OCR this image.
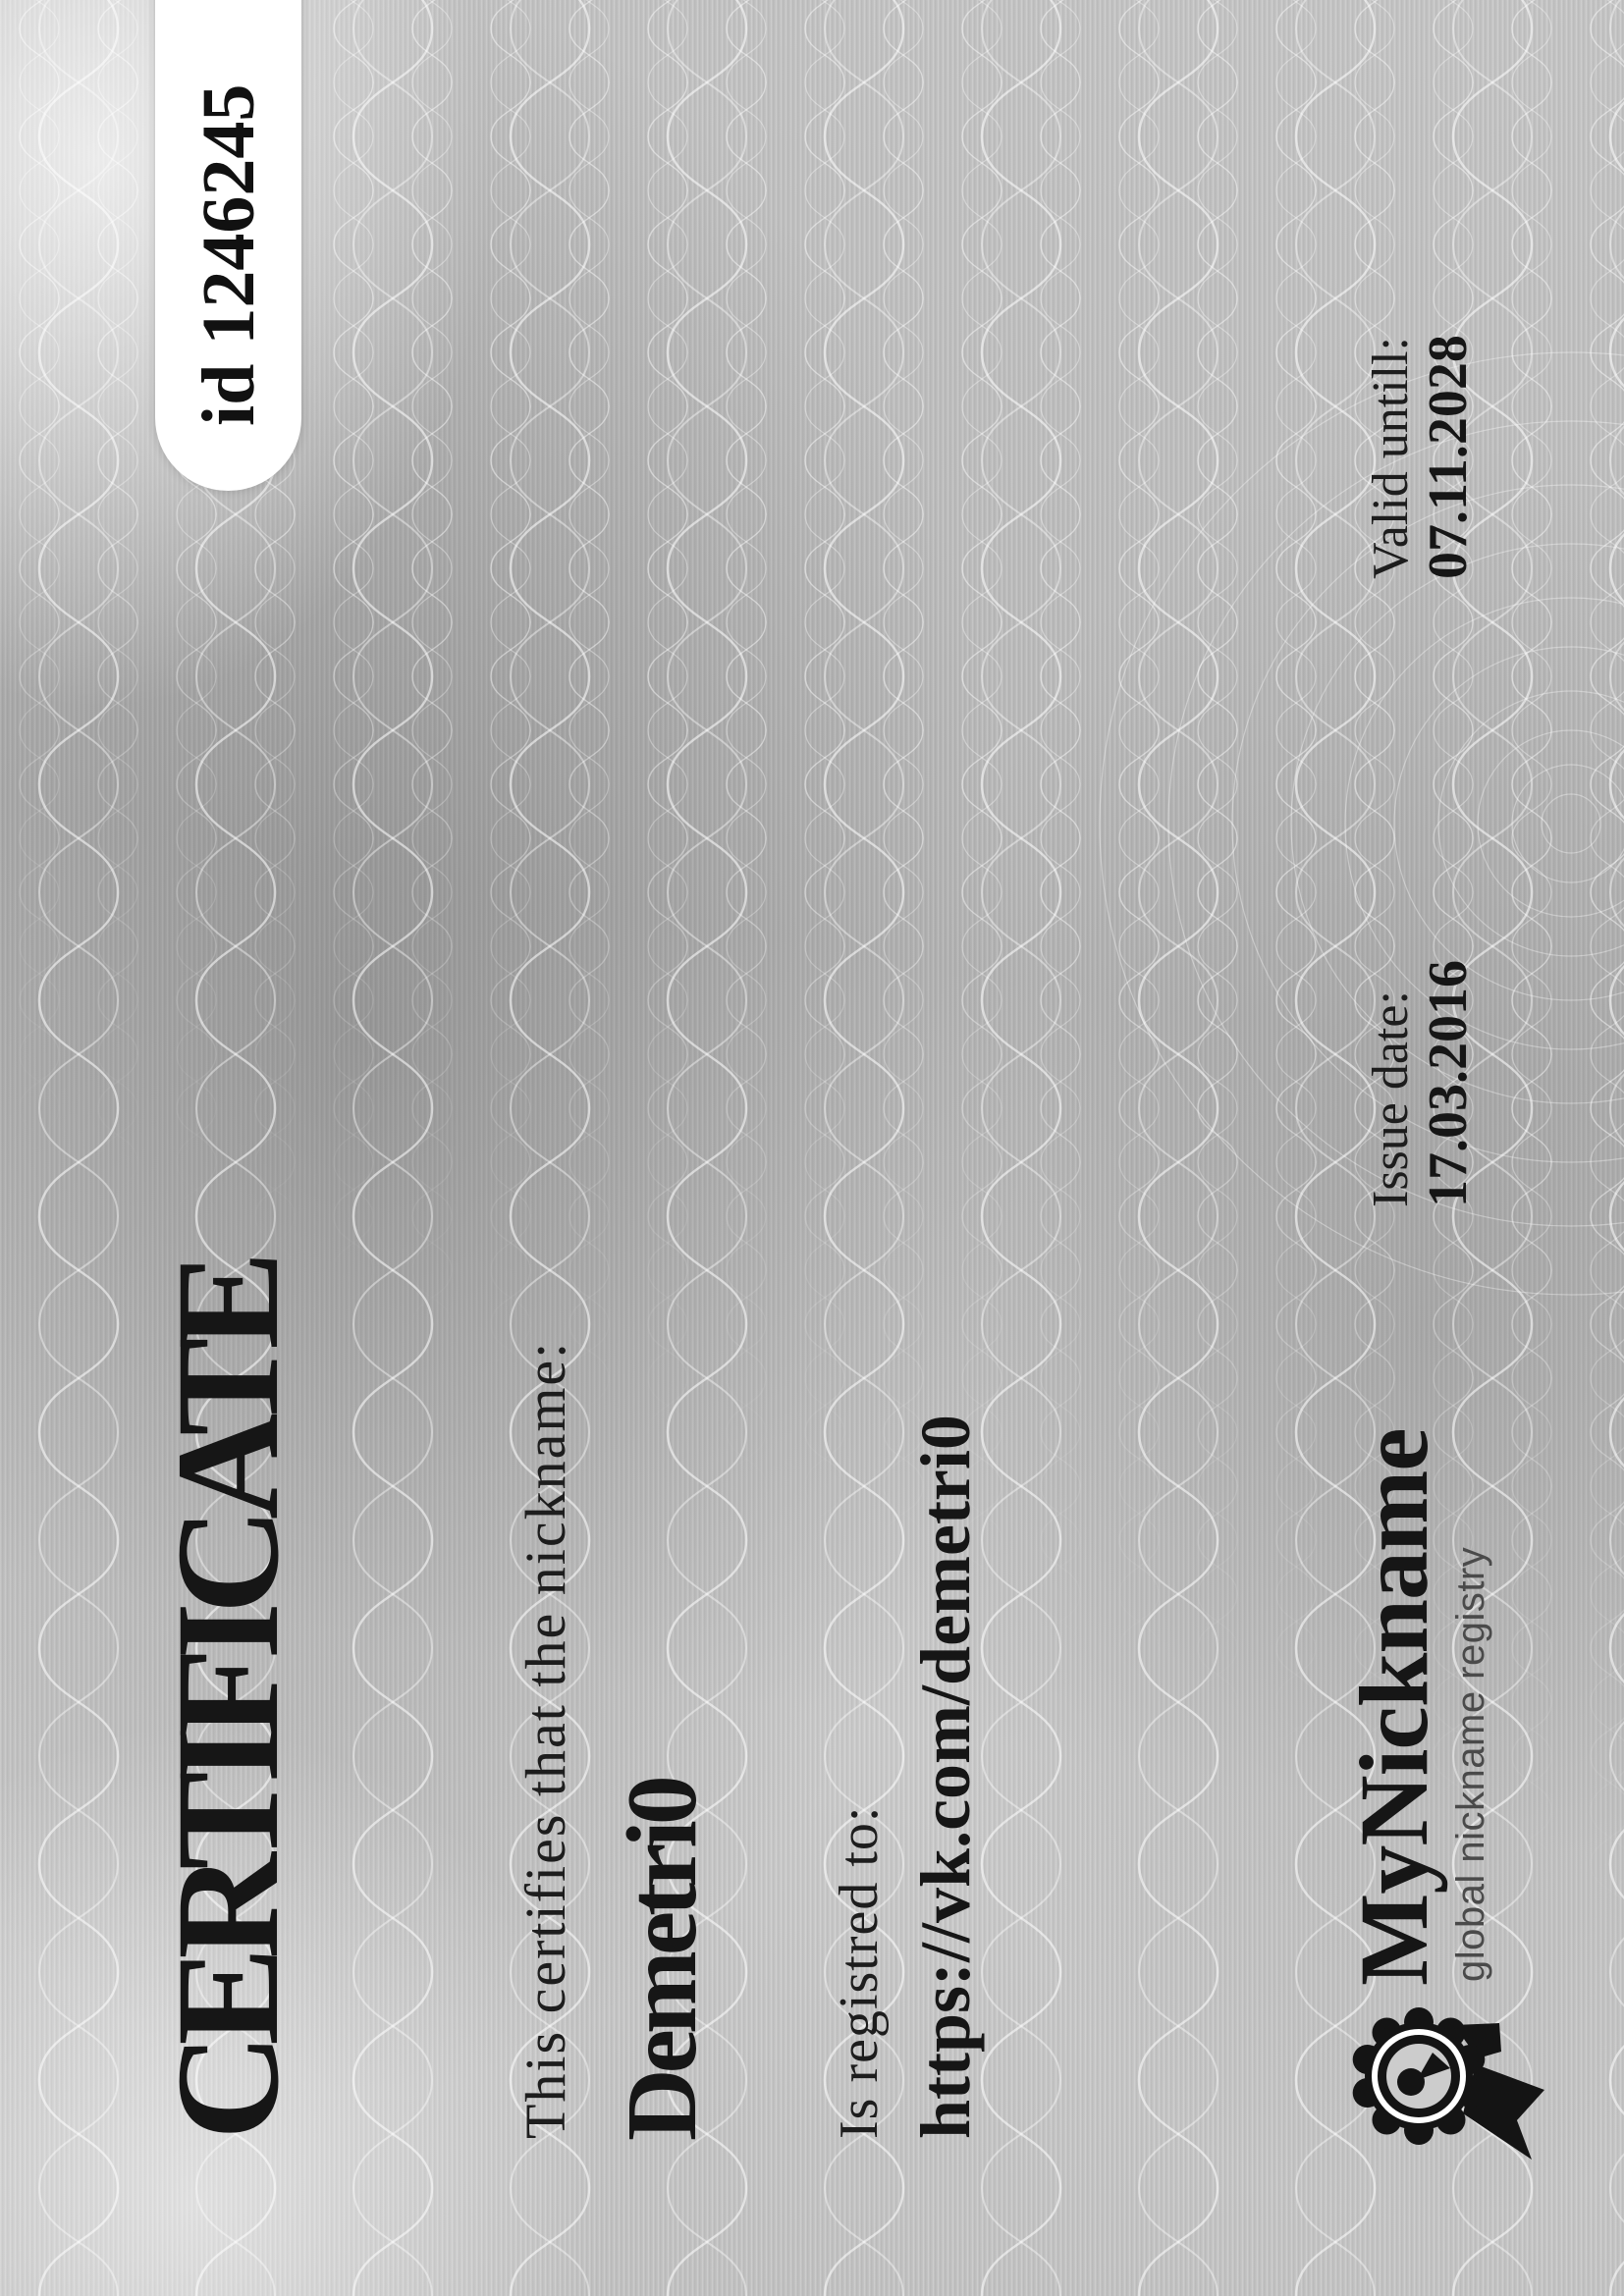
id 1246245
CERTIFICATE	This certifies that the nickname: Demetri0 Is registred to: https://vk.com/demetri0	MyNickname global nickname registry
Issue date: 17.03.2016
Valid untill: 07.11.2028
